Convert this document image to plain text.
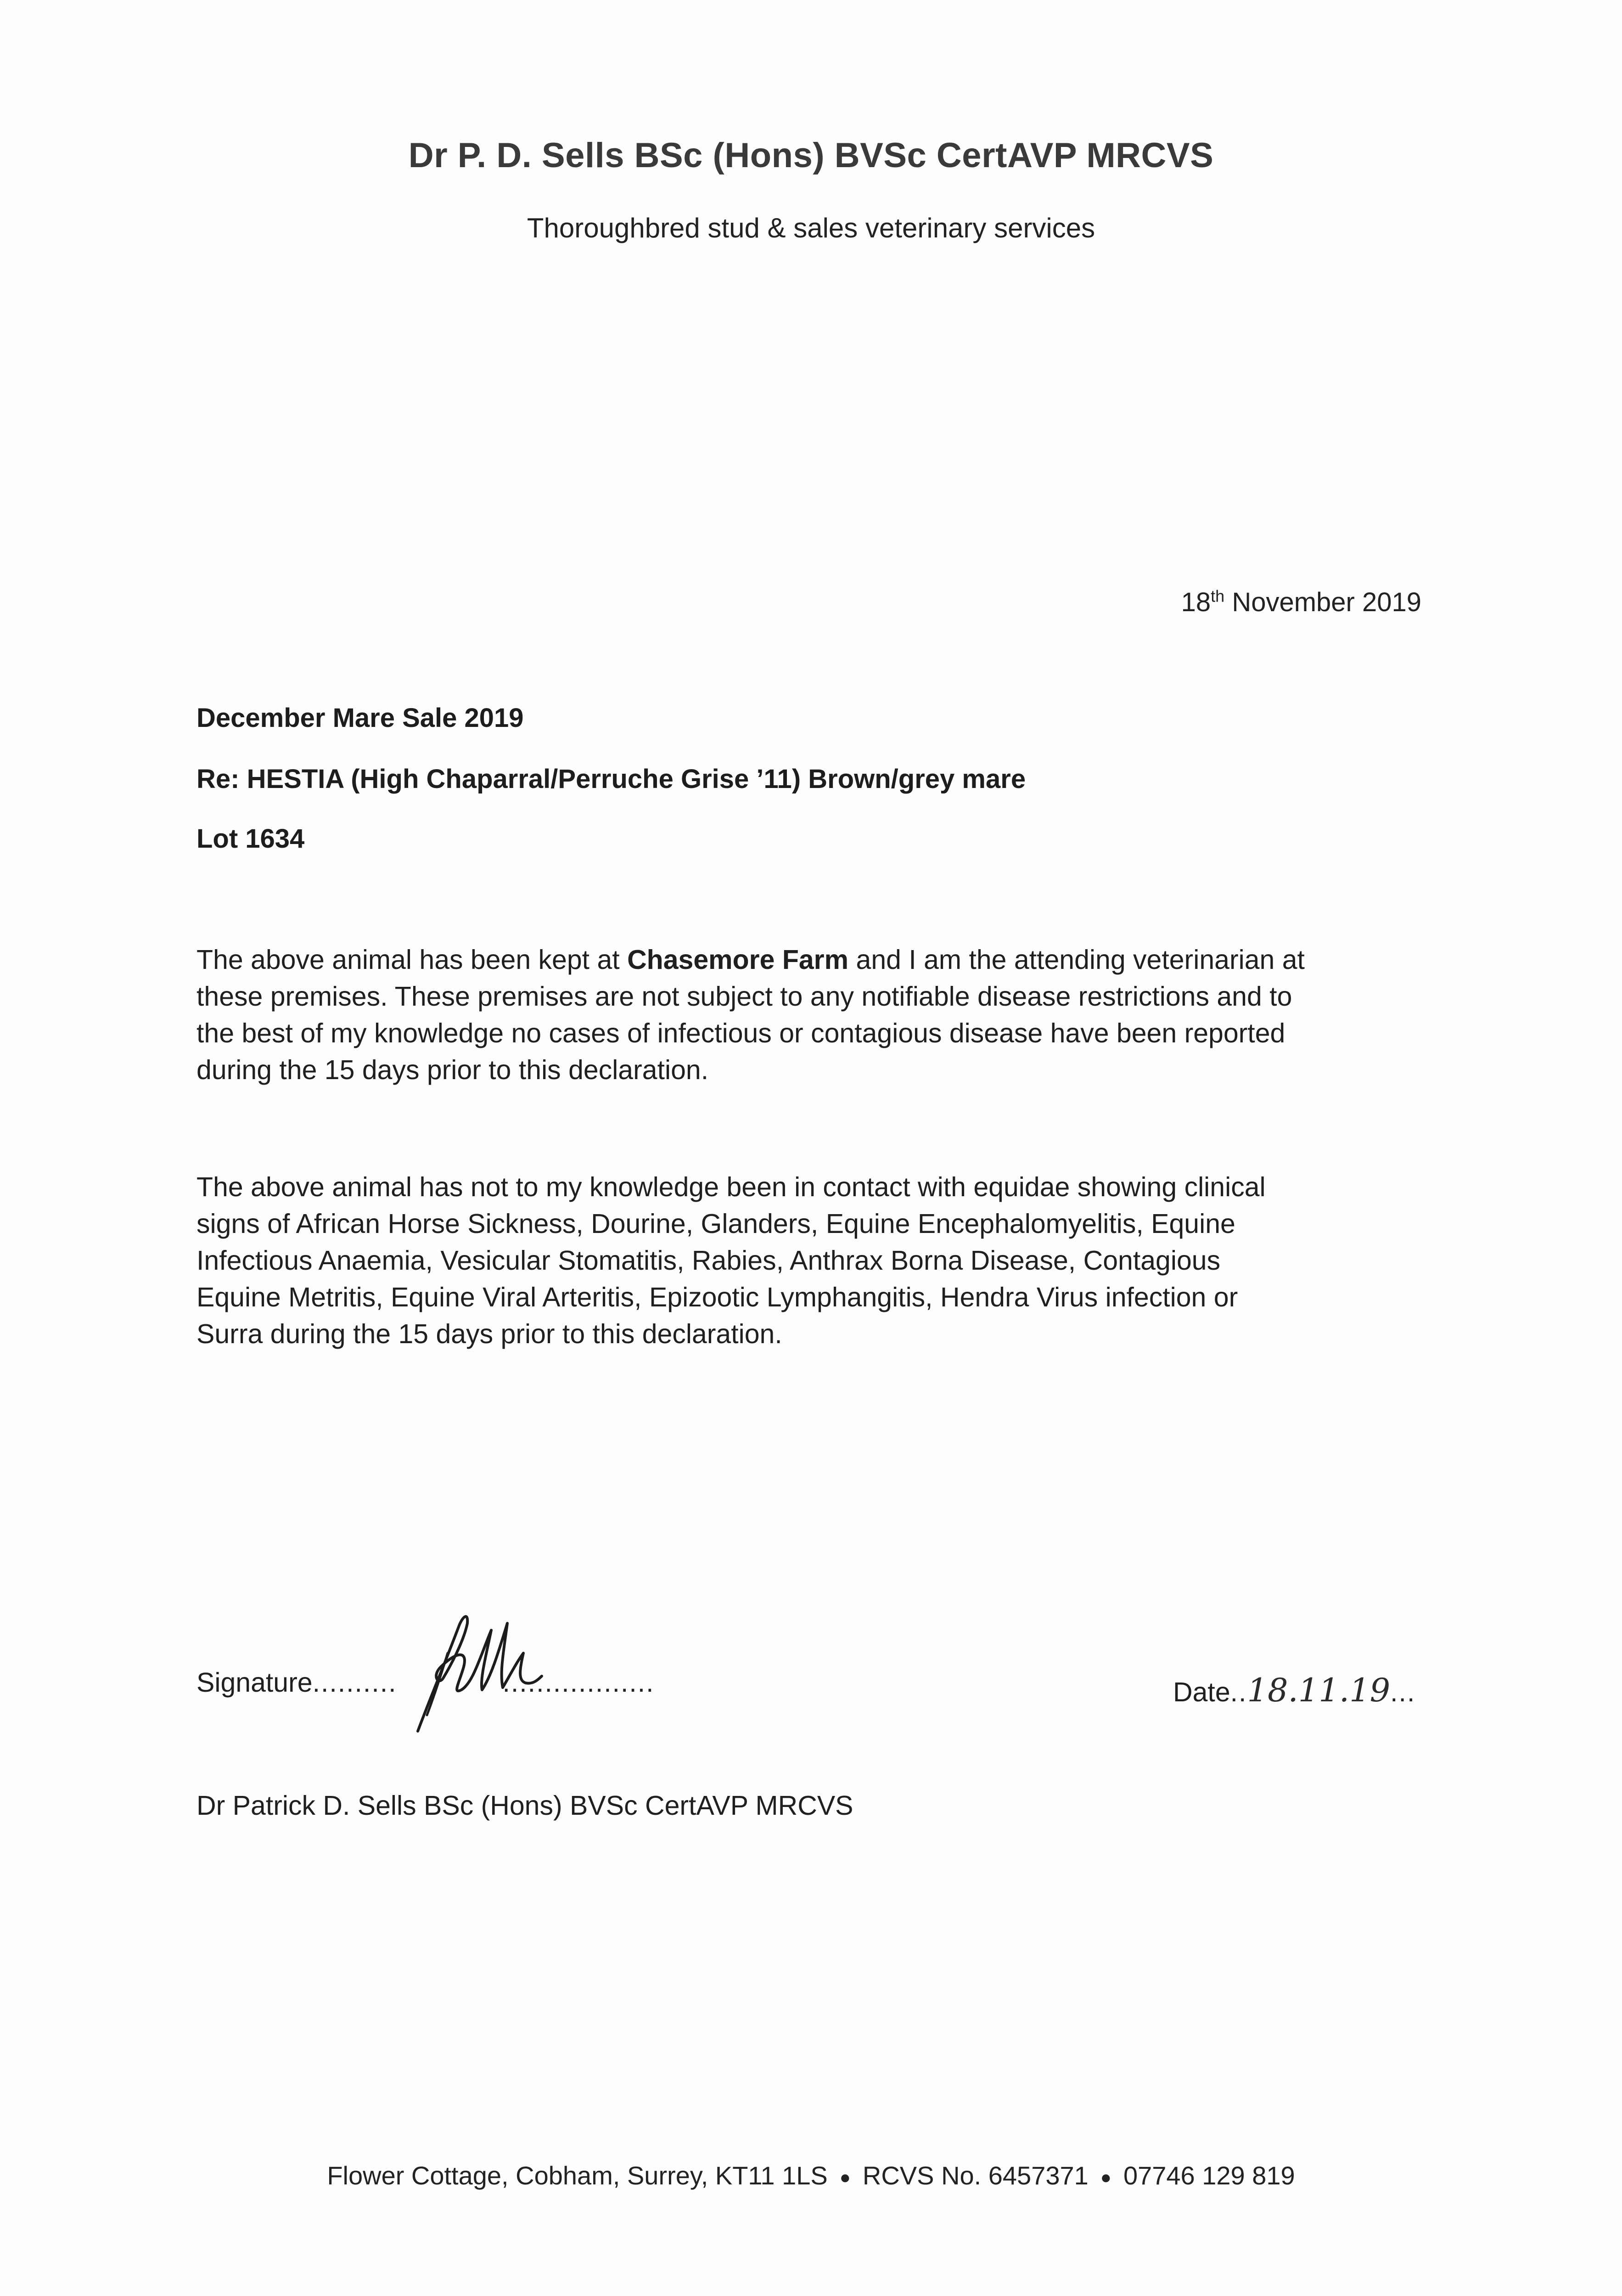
Dr P. D. Sells BSc (Hons) BVSc CertAVP MRCVS
Thoroughbred stud & sales veterinary services
18th November 2019
December Mare Sale 2019
Re: HESTIA (High Chaparral/Perruche Grise ’11) Brown/grey mare
Lot 1634
The above animal has been kept at Chasemore Farm and I am the attending veterinarian at
these premises. These premises are not subject to any notifiable disease restrictions and to
the best of my knowledge no cases of infectious or contagious disease have been reported
during the 15 days prior to this declaration.
The above animal has not to my knowledge been in contact with equidae showing clinical
signs of African Horse Sickness, Dourine, Glanders, Equine Encephalomyelitis, Equine
Infectious Anaemia, Vesicular Stomatitis, Rabies, Anthrax Borna Disease, Contagious
Equine Metritis, Equine Viral Arteritis, Epizootic Lymphangitis, Hendra Virus infection or
Surra during the 15 days prior to this declaration.
Signature..........	..................	Date..18.11.19...
Dr Patrick D. Sells BSc (Hons) BVSc CertAVP MRCVS
Flower Cottage, Cobham, Surrey, KT11 1LS ● RCVS No. 6457371 ● 07746 129 819
